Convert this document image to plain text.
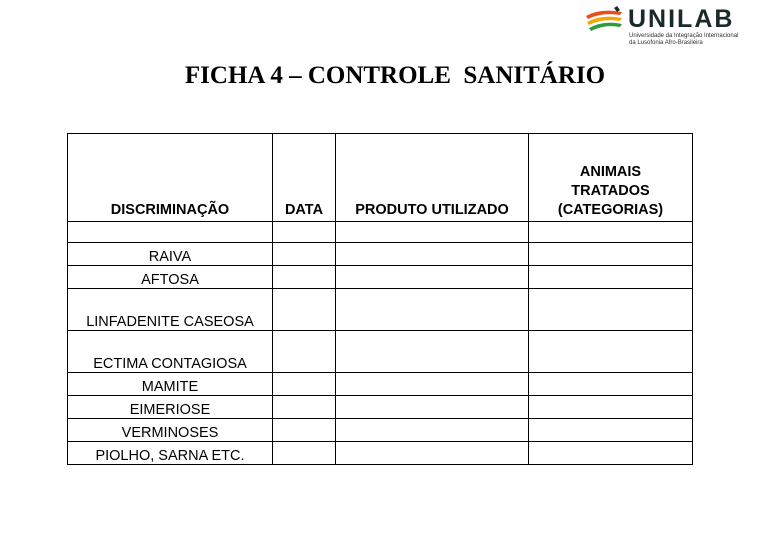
UNILAB
Universidade da Integração Internacional
da Lusofonia Afro-Brasileira
FICHA 4 – CONTROLE  SANITÁRIO
DISCRIMINAÇÃO	DATA	PRODUTO UTILIZADO	ANIMAIS
TRATADOS
(CATEGORIAS)

RAIVA			
AFTOSA			
LINFADENITE CASEOSA			
ECTIMA CONTAGIOSA			
MAMITE			
EIMERIOSE			
VERMINOSES			
PIOLHO, SARNA ETC.			
